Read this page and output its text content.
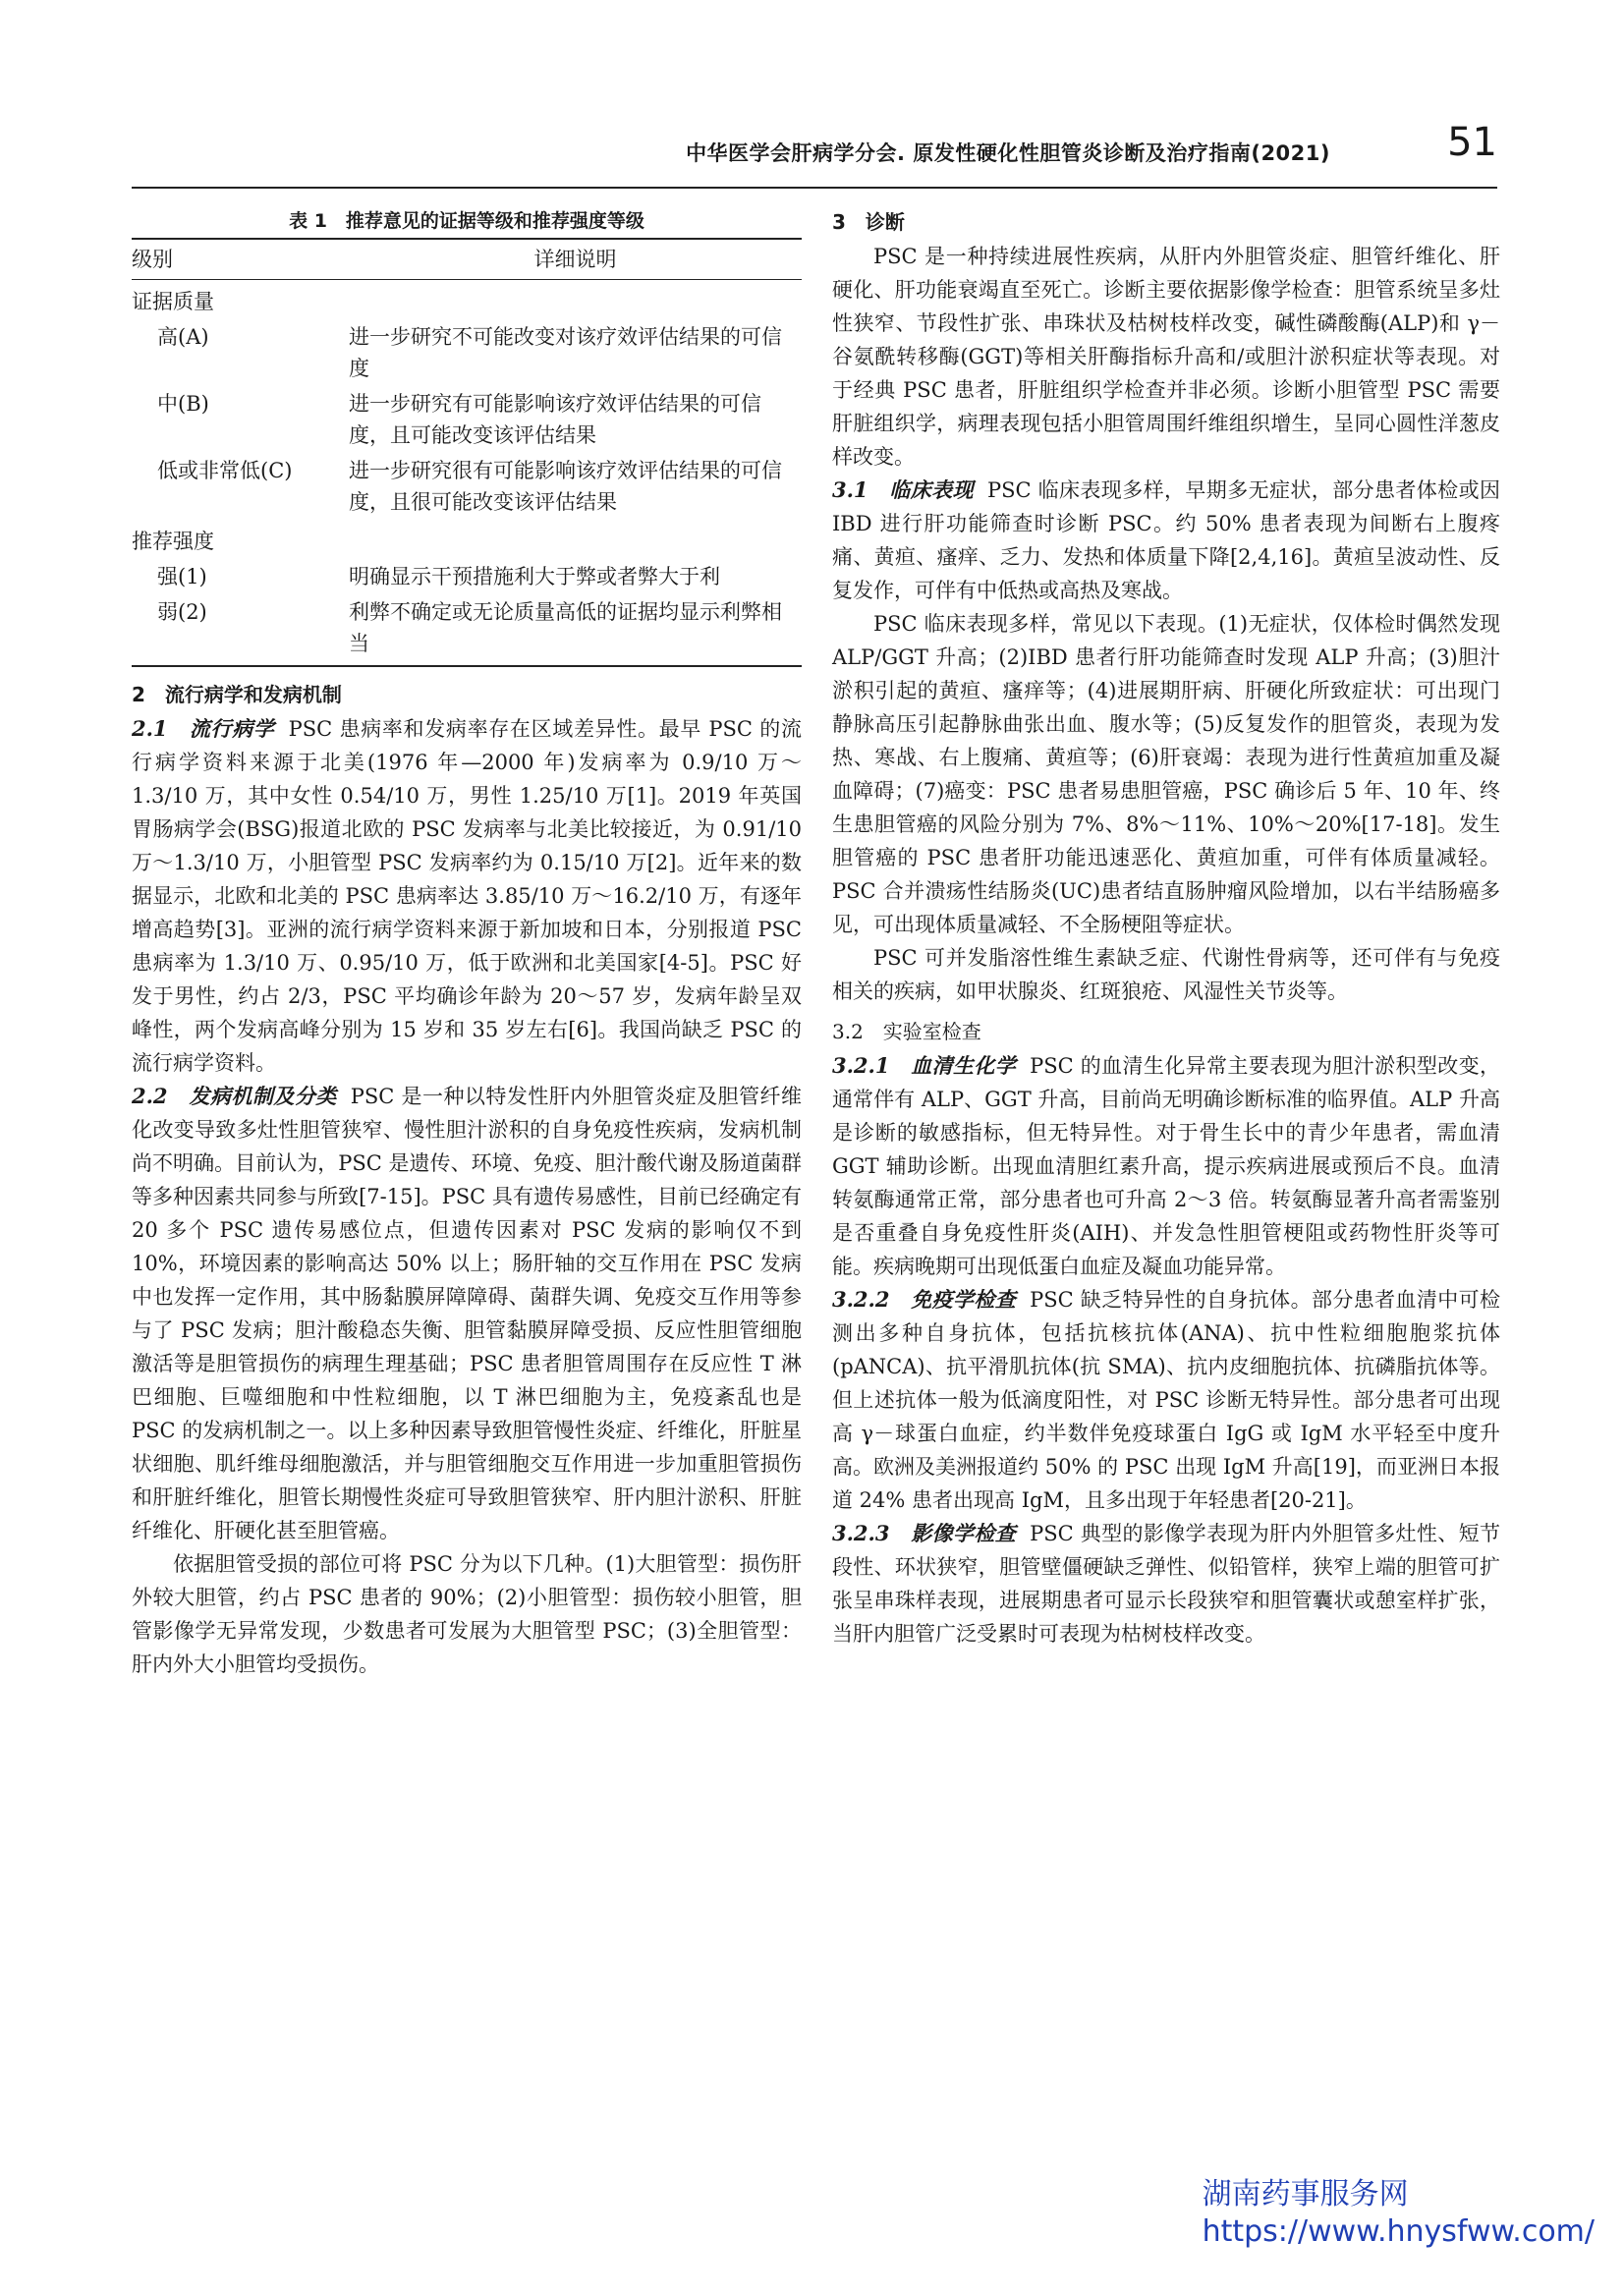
中华医学会肝病学分会. 原发性硬化性胆管炎诊断及治疗指南(2021)	51
表 1　推荐意见的证据等级和推荐强度等级
级别	详细说明
证据质量	
高(A)	进一步研究不可能改变对该疗效评估结果的可信度
中(B)	进一步研究有可能影响该疗效评估结果的可信度，且可能改变该评估结果
低或非常低(C)	进一步研究很有可能影响该疗效评估结果的可信度，且很可能改变该评估结果
推荐强度	
强(1)	明确显示干预措施利大于弊或者弊大于利
弱(2)	利弊不确定或无论质量高低的证据均显示利弊相当
2　流行病学和发病机制

2.1　流行病学 PSC 患病率和发病率存在区域差异性。最早 PSC 的流行病学资料来源于北美(1976 年—2000 年)发病率为 0.9/10 万～1.3/10 万，其中女性 0.54/10 万，男性 1.25/10 万[1]。2019 年英国胃肠病学会(BSG)报道北欧的 PSC 发病率与北美比较接近，为 0.91/10 万～1.3/10 万，小胆管型 PSC 发病率约为 0.15/10 万[2]。近年来的数据显示，北欧和北美的 PSC 患病率达 3.85/10 万～16.2/10 万，有逐年增高趋势[3]。亚洲的流行病学资料来源于新加坡和日本，分别报道 PSC 患病率为 1.3/10 万、0.95/10 万，低于欧洲和北美国家[4-5]。PSC 好发于男性，约占 2/3，PSC 平均确诊年龄为 20～57 岁，发病年龄呈双峰性，两个发病高峰分别为 15 岁和 35 岁左右[6]。我国尚缺乏 PSC 的流行病学资料。

2.2　发病机制及分类 PSC 是一种以特发性肝内外胆管炎症及胆管纤维化改变导致多灶性胆管狭窄、慢性胆汁淤积的自身免疫性疾病，发病机制尚不明确。目前认为，PSC 是遗传、环境、免疫、胆汁酸代谢及肠道菌群等多种因素共同参与所致[7-15]。PSC 具有遗传易感性，目前已经确定有 20 多个 PSC 遗传易感位点，但遗传因素对 PSC 发病的影响仅不到 10%，环境因素的影响高达 50% 以上；肠肝轴的交互作用在 PSC 发病中也发挥一定作用，其中肠黏膜屏障障碍、菌群失调、免疫交互作用等参与了 PSC 发病；胆汁酸稳态失衡、胆管黏膜屏障受损、反应性胆管细胞激活等是胆管损伤的病理生理基础；PSC 患者胆管周围存在反应性 T 淋巴细胞、巨噬细胞和中性粒细胞，以 T 淋巴细胞为主，免疫紊乱也是 PSC 的发病机制之一。以上多种因素导致胆管慢性炎症、纤维化，肝脏星状细胞、肌纤维母细胞激活，并与胆管细胞交互作用进一步加重胆管损伤和肝脏纤维化，胆管长期慢性炎症可导致胆管狭窄、肝内胆汁淤积、肝脏纤维化、肝硬化甚至胆管癌。

依据胆管受损的部位可将 PSC 分为以下几种。(1)大胆管型：损伤肝外较大胆管，约占 PSC 患者的 90%；(2)小胆管型：损伤较小胆管，胆管影像学无异常发现，少数患者可发展为大胆管型 PSC；(3)全胆管型：肝内外大小胆管均受损伤。

3　诊断

PSC 是一种持续进展性疾病，从肝内外胆管炎症、胆管纤维化、肝硬化、肝功能衰竭直至死亡。诊断主要依据影像学检查：胆管系统呈多灶性狭窄、节段性扩张、串珠状及枯树枝样改变，碱性磷酸酶(ALP)和 γ－谷氨酰转移酶(GGT)等相关肝酶指标升高和/或胆汁淤积症状等表现。对于经典 PSC 患者，肝脏组织学检查并非必须。诊断小胆管型 PSC 需要肝脏组织学，病理表现包括小胆管周围纤维组织增生，呈同心圆性洋葱皮样改变。

3.1　临床表现 PSC 临床表现多样，早期多无症状，部分患者体检或因 IBD 进行肝功能筛查时诊断 PSC。约 50% 患者表现为间断右上腹疼痛、黄疸、瘙痒、乏力、发热和体质量下降[2,4,16]。黄疸呈波动性、反复发作，可伴有中低热或高热及寒战。

PSC 临床表现多样，常见以下表现。(1)无症状，仅体检时偶然发现 ALP/GGT 升高；(2)IBD 患者行肝功能筛查时发现 ALP 升高；(3)胆汁淤积引起的黄疸、瘙痒等；(4)进展期肝病、肝硬化所致症状：可出现门静脉高压引起静脉曲张出血、腹水等；(5)反复发作的胆管炎，表现为发热、寒战、右上腹痛、黄疸等；(6)肝衰竭：表现为进行性黄疸加重及凝血障碍；(7)癌变：PSC 患者易患胆管癌，PSC 确诊后 5 年、10 年、终生患胆管癌的风险分别为 7%、8%～11%、10%～20%[17-18]。发生胆管癌的 PSC 患者肝功能迅速恶化、黄疸加重，可伴有体质量减轻。PSC 合并溃疡性结肠炎(UC)患者结直肠肿瘤风险增加，以右半结肠癌多见，可出现体质量减轻、不全肠梗阻等症状。

PSC 可并发脂溶性维生素缺乏症、代谢性骨病等，还可伴有与免疫相关的疾病，如甲状腺炎、红斑狼疮、风湿性关节炎等。

3.2　实验室检查

3.2.1　血清生化学 PSC 的血清生化异常主要表现为胆汁淤积型改变，通常伴有 ALP、GGT 升高，目前尚无明确诊断标准的临界值。ALP 升高是诊断的敏感指标，但无特异性。对于骨生长中的青少年患者，需血清 GGT 辅助诊断。出现血清胆红素升高，提示疾病进展或预后不良。血清转氨酶通常正常，部分患者也可升高 2～3 倍。转氨酶显著升高者需鉴别是否重叠自身免疫性肝炎(AIH)、并发急性胆管梗阻或药物性肝炎等可能。疾病晚期可出现低蛋白血症及凝血功能异常。

3.2.2　免疫学检查 PSC 缺乏特异性的自身抗体。部分患者血清中可检测出多种自身抗体，包括抗核抗体(ANA)、抗中性粒细胞胞浆抗体(pANCA)、抗平滑肌抗体(抗 SMA)、抗内皮细胞抗体、抗磷脂抗体等。但上述抗体一般为低滴度阳性，对 PSC 诊断无特异性。部分患者可出现高 γ－球蛋白血症，约半数伴免疫球蛋白 IgG 或 IgM 水平轻至中度升高。欧洲及美洲报道约 50% 的 PSC 出现 IgM 升高[19]，而亚洲日本报道 24% 患者出现高 IgM，且多出现于年轻患者[20-21]。

3.2.3　影像学检查 PSC 典型的影像学表现为肝内外胆管多灶性、短节段性、环状狭窄，胆管壁僵硬缺乏弹性、似铅管样，狭窄上端的胆管可扩张呈串珠样表现，进展期患者可显示长段狭窄和胆管囊状或憩室样扩张，当肝内胆管广泛受累时可表现为枯树枝样改变。

湖南药事服务网
https://www.hnysfww.com/
